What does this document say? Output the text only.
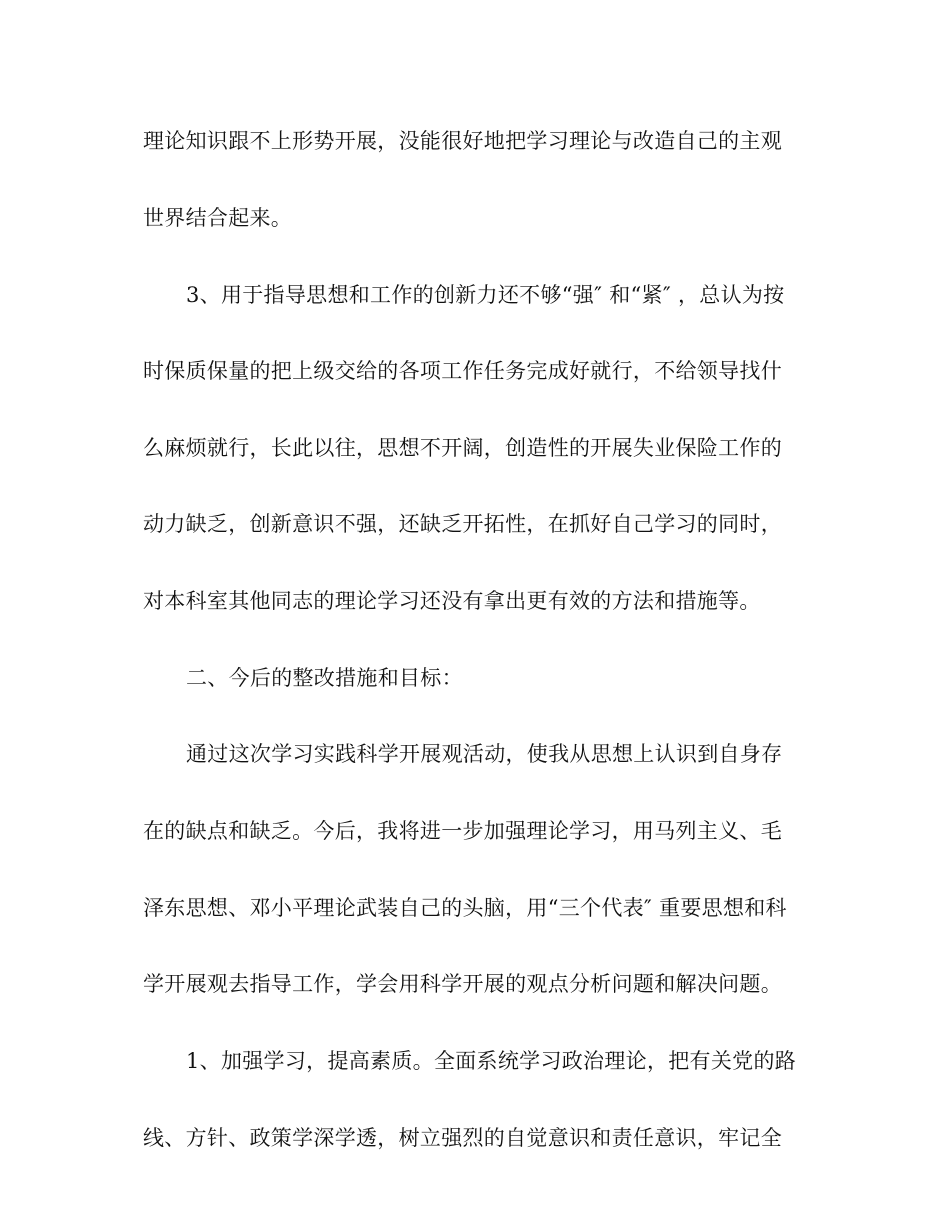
理论知识跟不上形势开展，没能很好地把学习理论与改造自己的主观
世界结合起来。
3、用于指导思想和工作的创新力还不够“强″ 和“紧″ ，总认为按
时保质保量的把上级交给的各项工作任务完成好就行，不给领导找什
么麻烦就行，长此以往，思想不开阔，创造性的开展失业保险工作的
动力缺乏，创新意识不强，还缺乏开拓性，在抓好自己学习的同时，
对本科室其他同志的理论学习还没有拿出更有效的方法和措施等。
二、今后的整改措施和目标：
通过这次学习实践科学开展观活动，使我从思想上认识到自身存
在的缺点和缺乏。今后，我将进一步加强理论学习，用马列主义、毛
泽东思想、邓小平理论武装自己的头脑，用“三个代表″ 重要思想和科
学开展观去指导工作，学会用科学开展的观点分析问题和解决问题。
1、加强学习，提高素质。全面系统学习政治理论，把有关党的路
线、方针、政策学深学透，树立强烈的自觉意识和责任意识，牢记全
